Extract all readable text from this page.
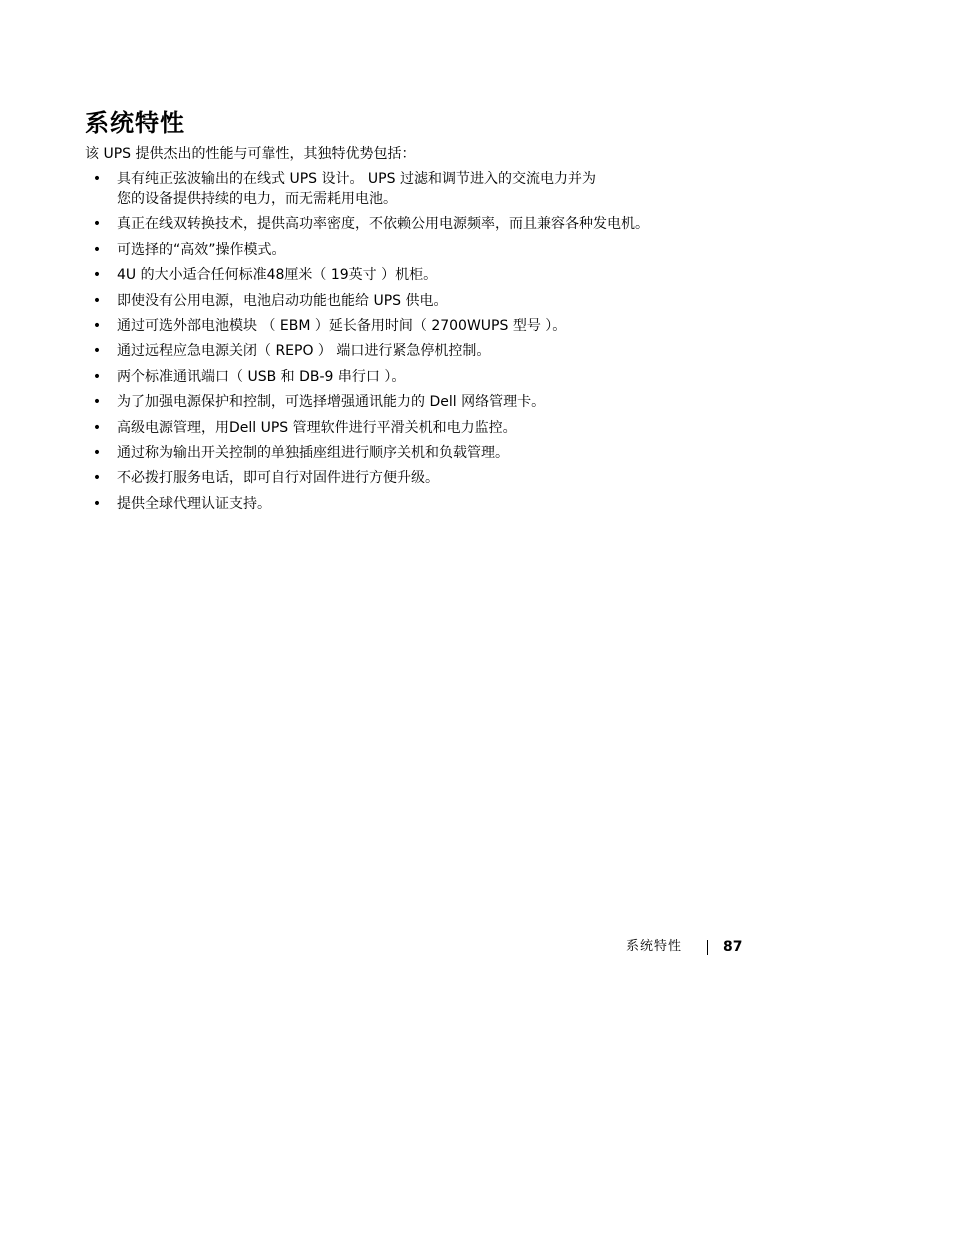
系统特性

该 UPS 提供杰出的性能与可靠性，其独特优势包括：

• 具有纯正弦波输出的在线式 UPS 设计。 UPS 过滤和调节进入的交流电力并为
您的设备提供持续的电力，而无需耗用电池。
• 真正在线双转换技术，提供高功率密度，不依赖公用电源频率，而且兼容各种发电机。
• 可选择的“高效”操作模式。
• 4U 的大小适合任何标准48厘米（ 19英寸 ）机柜。
• 即使没有公用电源，电池启动功能也能给 UPS 供电。
• 通过可选外部电池模块 （ EBM ）延长备用时间（ 2700WUPS 型号 ）。
• 通过远程应急电源关闭（ REPO ） 端口进行紧急停机控制。
• 两个标准通讯端口（ USB 和 DB-9 串行口 ）。
• 为了加强电源保护和控制，可选择增强通讯能力的 Dell 网络管理卡。
• 高级电源管理，用Dell UPS 管理软件进行平滑关机和电力监控。
• 通过称为输出开关控制的单独插座组进行顺序关机和负载管理。
• 不必拨打服务电话，即可自行对固件进行方便升级。
• 提供全球代理认证支持。
系统特性	87
